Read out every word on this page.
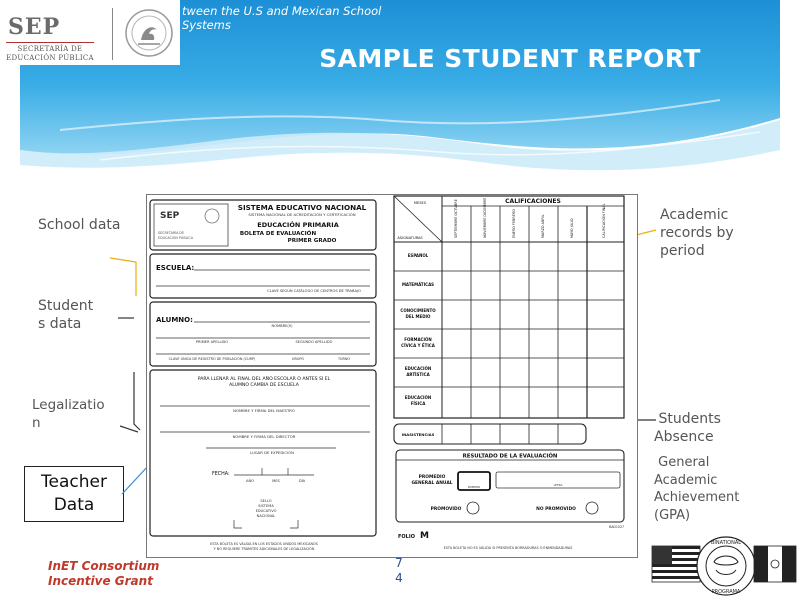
SEP
SECRETARÍA DE
EDUCACIÓN PÚBLICA
tween the U.S and Mexican School
Systems
SAMPLE STUDENT REPORT
School data
Student
s data
Legalizatio
n
Teacher
Data
Academic
records by
period
Students
Absence
General
Academic
Achievement
(GPA)
SEP
SECRETARÍA DE
EDUCACIÓN PÚBLICA
SISTEMA EDUCATIVO NACIONAL
SISTEMA NACIONAL DE ACREDITACIÓN Y CERTIFICACIÓN
EDUCACIÓN PRIMARIA
BOLETA DE EVALUACIÓN
PRIMER GRADO
ESCUELA:
CLAVE SEGÚN CATÁLOGO DE CENTROS DE TRABAJO
ALUMNO:
NOMBRE(S)
PRIMER APELLIDO	SEGUNDO APELLIDO
CLAVE ÚNICA DE REGISTRO DE POBLACIÓN (CURP)	GRUPO	TURNO
PARA LLENAR AL FINAL DEL AÑO ESCOLAR O ANTES SI EL
ALUMNO CAMBIA DE ESCUELA
NOMBRE Y FIRMA DEL MAESTRO
NOMBRE Y FIRMA DEL DIRECTOR
LUGAR DE EXPEDICIÓN
FECHA:
AÑO	MES	DÍA
SELLO
SISTEMA
EDUCATIVO
NACIONAL
ESTA BOLETA ES VÁLIDA EN LOS ESTADOS UNIDOS MEXICANOS
Y NO REQUIERE TRÁMITES ADICIONALES DE LEGALIZACIÓN
CALIFICACIONES
MESES
ASIGNATURAS	SEPTIEMBRE OCTUBRE	NOVIEMBRE DICIEMBRE	ENERO FEBRERO	MARZO ABRIL	MAYO JULIO	CALIFICACIÓN FINAL
ESPAÑOL
MATEMÁTICAS
CONOCIMIENTO
DEL MEDIO
FORMACIÓN
CÍVICA Y ÉTICA
EDUCACIÓN
ARTÍSTICA
EDUCACIÓN
FÍSICA
INASISTENCIAS
RESULTADO DE LA EVALUACIÓN
PROMEDIO
GENERAL ANUAL
NÚMERO	LETRA
PROMOVIDO	NO PROMOVIDO
FOLIO M
BAD1027
ESTA BOLETA NO ES VÁLIDA SI PRESENTA BORRADURAS O ENMENDADURAS
InET Consortium
Incentive Grant
7
4
BINATIONAL
PROGRAMA
